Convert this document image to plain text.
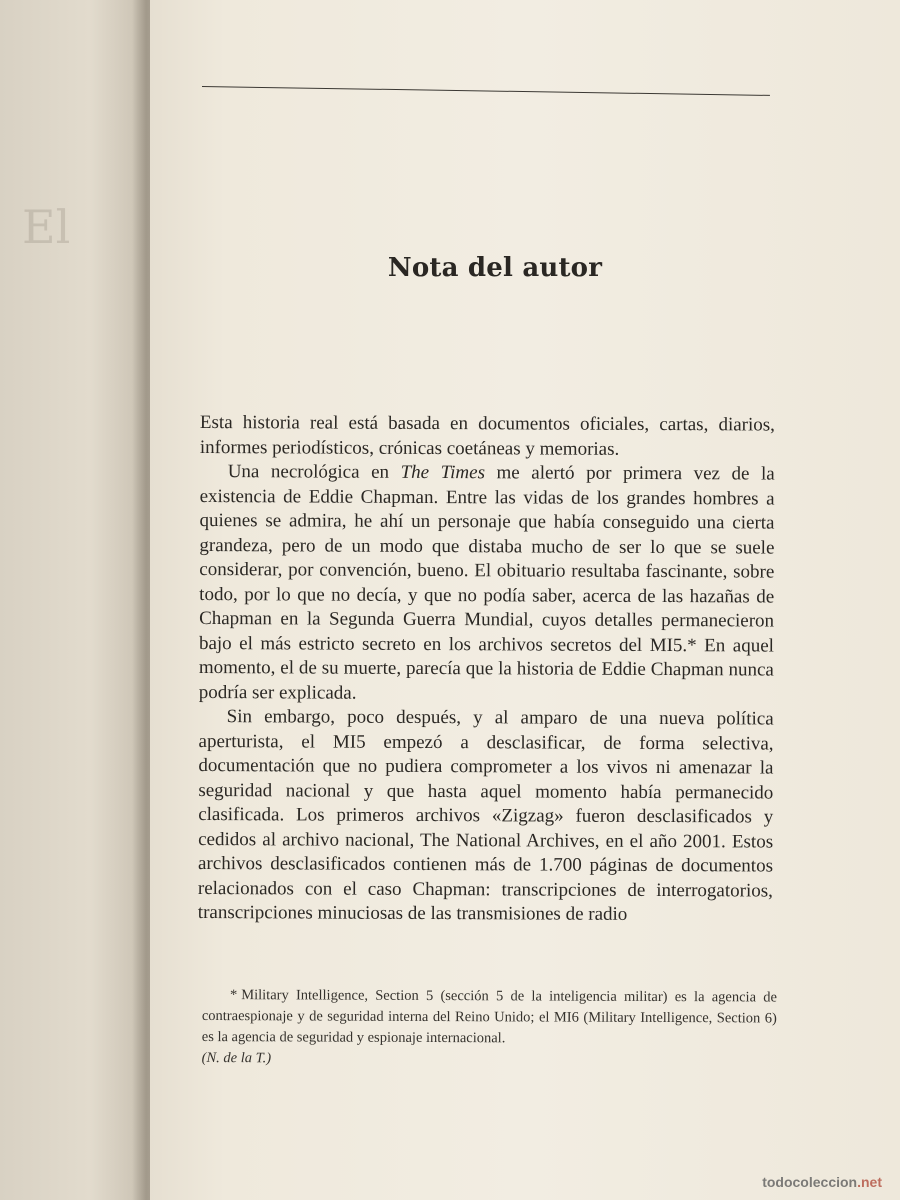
El
Nota del autor

Esta historia real está basada en documentos oficiales, cartas, diarios, informes periodísticos, crónicas coetáneas y memorias.

Una necrológica en The Times me alertó por primera vez de la existencia de Eddie Chapman. Entre las vidas de los grandes hombres a quienes se admira, he ahí un personaje que había conseguido una cierta grandeza, pero de un modo que distaba mucho de ser lo que se suele considerar, por convención, bueno. El obituario resultaba fascinante, sobre todo, por lo que no decía, y que no podía saber, acerca de las hazañas de Chapman en la Segunda Guerra Mundial, cuyos detalles permanecieron bajo el más estricto secreto en los archivos secretos del MI5.* En aquel momento, el de su muerte, parecía que la historia de Eddie Chapman nunca podría ser explicada.

Sin embargo, poco después, y al amparo de una nueva política aperturista, el MI5 empezó a desclasificar, de forma selectiva, documentación que no pudiera comprometer a los vivos ni amenazar la seguridad nacional y que hasta aquel momento había permanecido clasificada. Los primeros archivos «Zigzag» fueron desclasificados y cedidos al archivo nacional, The National Archives, en el año 2001. Estos archivos desclasificados contienen más de 1.700 páginas de documentos relacionados con el caso Chapman: transcripciones de interrogatorios, transcripciones minuciosas de las transmisiones de radio

* Military Intelligence, Section 5 (sección 5 de la inteligencia militar) es la agencia de contraespionaje y de seguridad interna del Reino Unido; el MI6 (Military Intelligence, Section 6) es la agencia de seguridad y espionaje internacional.
(N. de la T.)
todocoleccion.net
